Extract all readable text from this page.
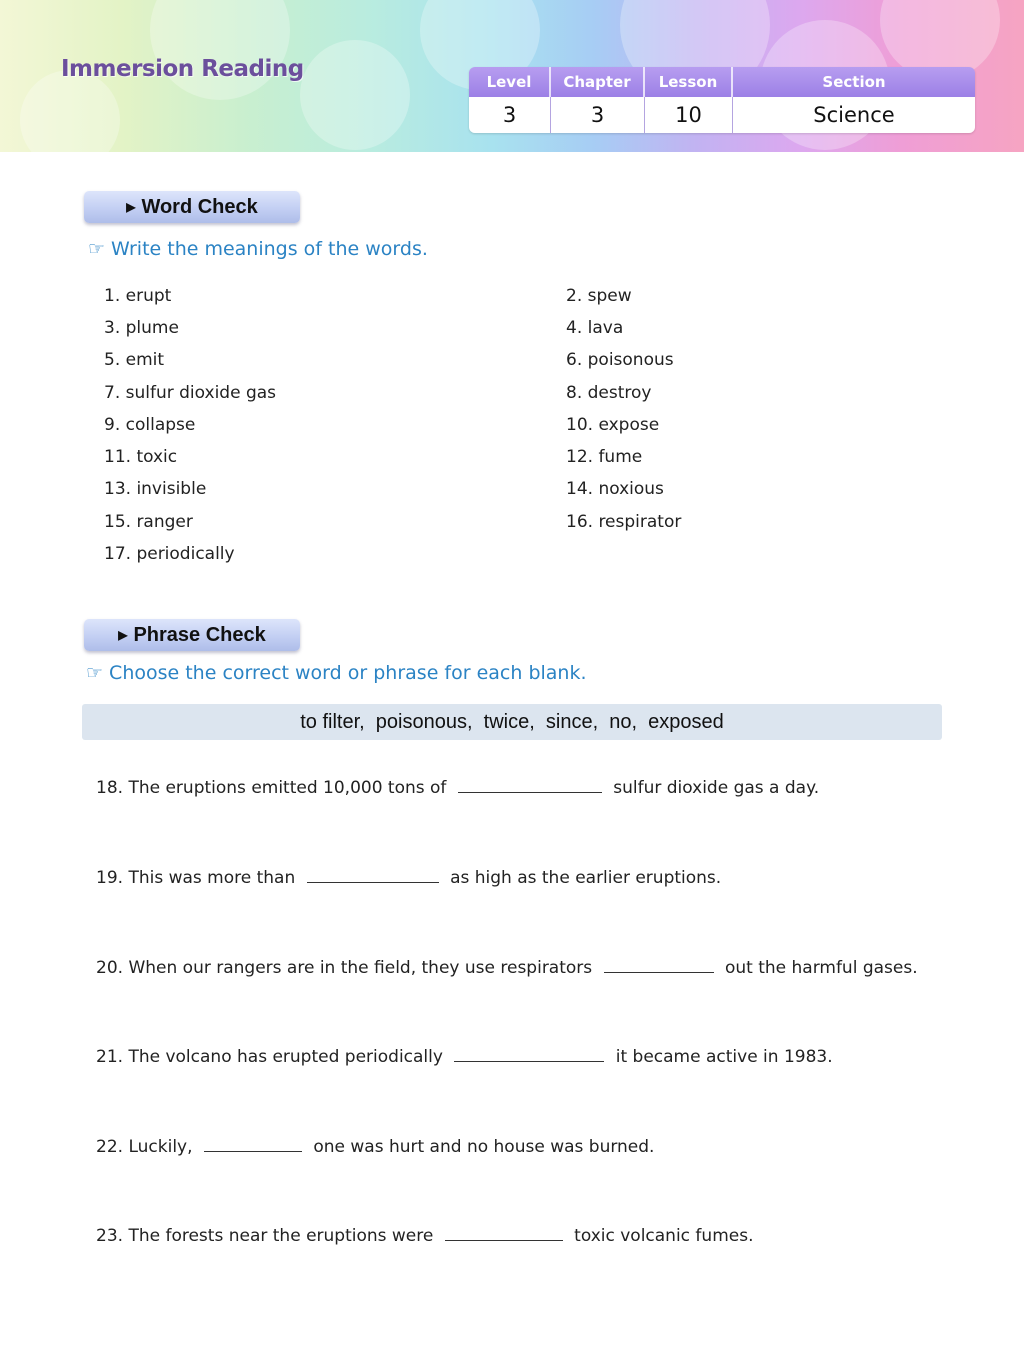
Immersion Reading	Level	Chapter	Lesson	Section
3	3	10	Science
▶ Word Check
☞ Write the meanings of the words.
1. erupt	2. spew
3. plume	4. lava
5. emit	6. poisonous
7. sulfur dioxide gas	8. destroy
9. collapse	10. expose
11. toxic	12. fume
13. invisible	14. noxious
15. ranger	16. respirator
17. periodically
▶ Phrase Check
☞ Choose the correct word or phrase for each blank.
to filter,  poisonous,  twice,  since,  no,  exposed
18. The eruptions emitted 10,000 tons of	sulfur dioxide gas a day.
19. This was more than	as high as the earlier eruptions.
20. When our rangers are in the field, they use respirators	out the harmful gases.
21. The volcano has erupted periodically	it became active in 1983.
22. Luckily,	one was hurt and no house was burned.
23. The forests near the eruptions were	toxic volcanic fumes.
